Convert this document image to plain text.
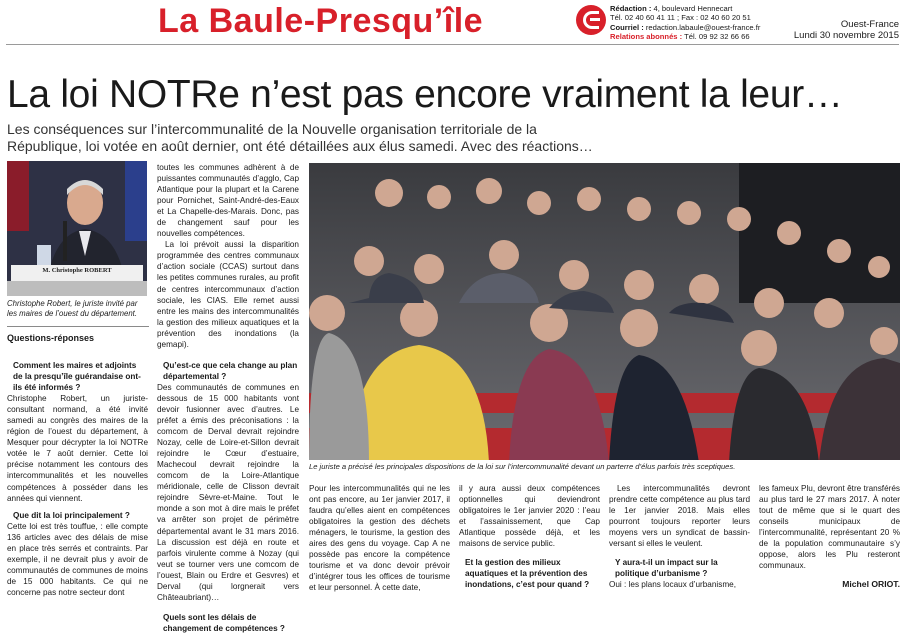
La Baule-Presqu’île	Rédaction : 4, boulevard Hennecart
Tél. 02 40 60 41 11 ; Fax : 02 40 60 20 51
Courriel : redaction.labaule@ouest-france.fr
Relations abonnés : Tél. 09 92 32 66 66
Ouest-France
Lundi 30 novembre 2015
La loi NOTRe n’est pas encore vraiment la leur…
Les conséquences sur l’intercommunalité de la Nouvelle organisation territoriale de la République, loi votée en août dernier, ont été détaillées aux élus samedi. Avec des réactions…
M. Christophe ROBERT
Christophe Robert, le juriste invité par les maires de l’ouest du département.
Questions-réponses

Comment les maires et adjoints de la presqu’île guérandaise ont-ils été informés ?

Christophe Robert, un juriste-consultant normand, a été invité samedi au congrès des maires de la région de l’ouest du département, à Mesquer pour décrypter la loi NOTRe votée le 7 août dernier. Cette loi précise notamment les contours des intercommunalités et les nouvelles compétences à posséder dans les années qui viennent.

Que dit la loi principalement ?

Cette loi est très touffue, : elle compte 136 articles avec des délais de mise en place très serrés et contraints. Par exemple, il ne devrait plus y avoir de communautés de communes de moins de 15 000 habitants. Ce qui ne concerne pas notre secteur dont

toutes les communes adhèrent à de puissantes communautés d’agglo, Cap Atlantique pour la plupart et la Carene pour Pornichet, Saint-André-des-Eaux et La Chapelle-des-Marais. Donc, pas de changement sauf pour les nouvelles compétences.

La loi prévoit aussi la disparition programmée des centres communaux d’action sociale (CCAS) surtout dans les petites communes rurales, au profit de centres intercommunaux d’action sociale, les CIAS. Elle remet aussi entre les mains des intercommunalités la gestion des milieux aquatiques et la prévention des inondations (la gemapi).

Qu’est-ce que cela change au plan départemental ?

Des communautés de communes en dessous de 15 000 habitants vont devoir fusionner avec d’autres. Le préfet a émis des préconisations : la comcom de Derval devrait rejoindre Nozay, celle de Loire-et-Sillon devrait rejoindre le Cœur d’estuaire, Machecoul devrait rejoindre la comcom de la Loire-Atlantique méridionale, celle de Clisson devrait rejoindre Sèvre-et-Maine. Tout le monde a son mot à dire mais le préfet va arrêter son projet de périmètre départemental avant le 31 mars 2016. La discussion est déjà en route et parfois virulente comme à Nozay (qui veut se tourner vers une comcom de l’ouest, Blain ou Erdre et Gesvres) et Derval (qui lorgnerait vers Châteaubriant)…

Quels sont les délais de changement de compétences ?

Le juriste a précisé les principales dispositions de la loi sur l’intercommunalité devant un parterre d’élus parfois très sceptiques.

Pour les intercommunalités qui ne les ont pas encore, au 1er janvier 2017, il faudra qu’elles aient en compétences obligatoires la gestion des déchets ménagers, le tourisme, la gestion des aires des gens du voyage. Cap A ne possède pas encore la compétence tourisme et va donc devoir prévoir d’intégrer tous les offices de tourisme et leur personnel. À cette date,

il y aura aussi deux compétences optionnelles qui deviendront obligatoires le 1er janvier 2020 : l’eau et l’assainissement, que Cap Atlantique possède déjà, et les maisons de service public.

Et la gestion des milieux aquatiques et la prévention des inondations, c’est pour quand ?

Les intercommunalités devront prendre cette compétence au plus tard le 1er janvier 2018. Mais elles pourront toujours reporter leurs moyens vers un syndicat de bassin-versant si elles le veulent.

Y aura-t-il un impact sur la politique d’urbanisme ?

Oui : les plans locaux d’urbanisme,

les fameux Plu, devront être transférés au plus tard le 27 mars 2017. À noter tout de même que si le quart des conseils municipaux de l’intercommunalité, représentant 20 % de la population communautaire s’y oppose, alors les Plu resteront communaux.

Michel ORIOT.
